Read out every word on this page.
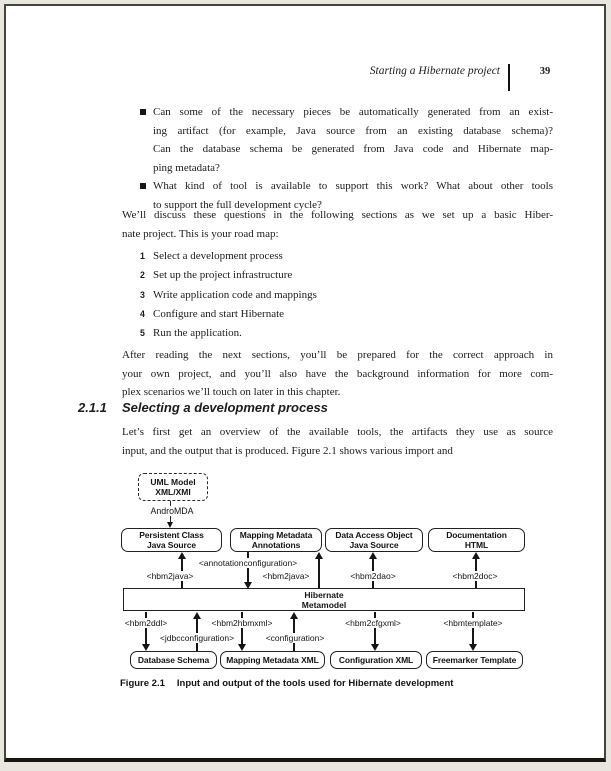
Starting a Hibernate project	39
Can some of the necessary pieces be automatically generated from an exist-
ing artifact (for example, Java source from an existing database schema)?
Can the database schema be generated from Java code and Hibernate map-
ping metadata?
What kind of tool is available to support this work? What about other tools
to support the full development cycle?
We’ll discuss these questions in the following sections as we set up a basic Hiber-
nate project. This is your road map:
1 Select a development process
2 Set up the project infrastructure
3 Write application code and mappings
4 Configure and start Hibernate
5 Run the application.
After reading the next sections, you’ll be prepared for the correct approach in
your own project, and you’ll also have the background information for more com-
plex scenarios we’ll touch on later in this chapter.
2.1.1 Selecting a development process
Let’s first get an overview of the available tools, the artifacts they use as source
input, and the output that is produced. Figure 2.1 shows various import and
UML Model
XML/XMI
AndroMDA
Persistent Class
Java Source
Mapping Metadata
Annotations
Data Access Object
Java Source
Documentation
HTML
<hbm2java>
<annotationconfiguration>
<hbm2java>	<hbm2dao>	<hbm2doc>
Hibernate
Metamodel
<hbm2ddl>
<jdbcconfiguration>
<hbm2hbmxml>
<configuration>
<hbm2cfgxml>	<hbmtemplate>
Database Schema Mapping Metadata XML Configuration XML Freemarker Template
Figure 2.1 Input and output of the tools used for Hibernate development
